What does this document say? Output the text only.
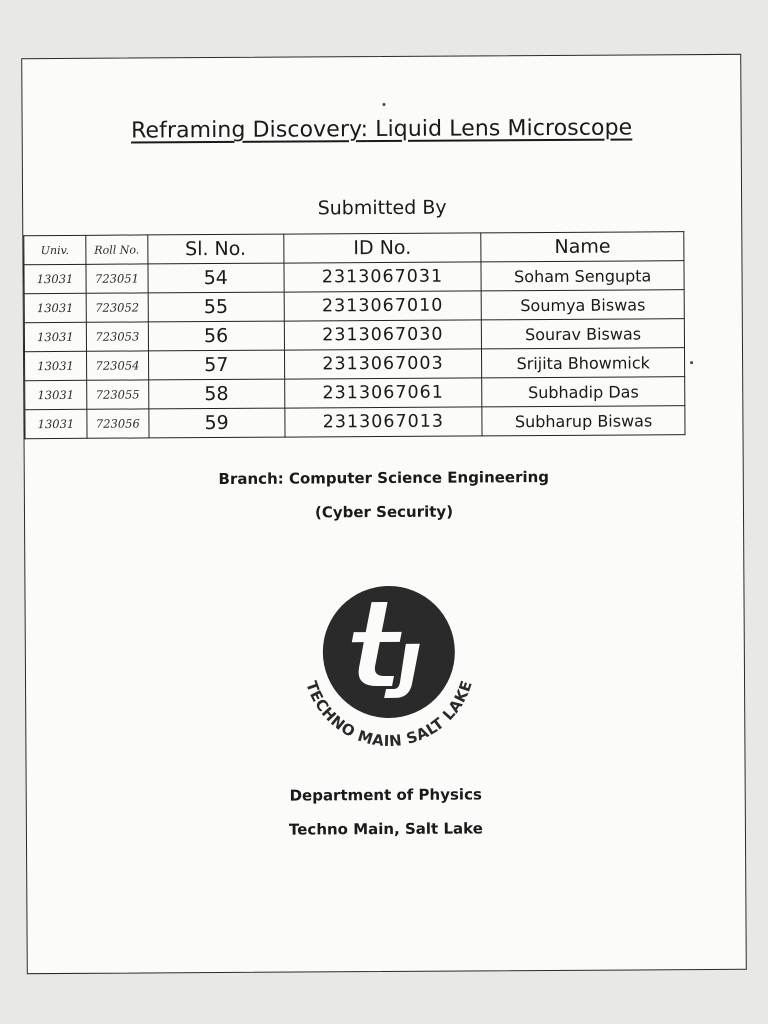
Reframing Discovery: Liquid Lens Microscope
Submitted By
Univ.	Roll No.	Sl. No.	ID No.	Name
13031	723051	54	2313067031	Soham Sengupta
13031	723052	55	2313067010	Soumya Biswas
13031	723053	56	2313067030	Sourav Biswas
13031	723054	57	2313067003	Srijita Bhowmick
13031	723055	58	2313067061	Subhadip Das
13031	723056	59	2313067013	Subharup Biswas
Branch: Computer Science Engineering
(Cyber Security)
TECHNO MAIN SALT LAKE
Department of Physics
Techno Main, Salt Lake
